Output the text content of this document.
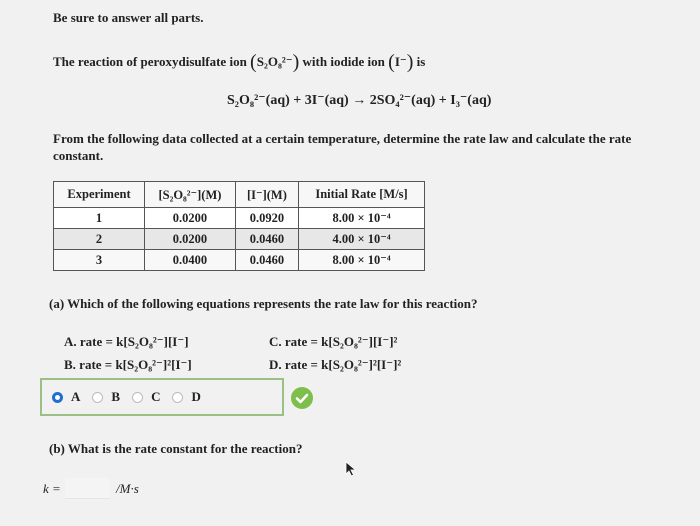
Be sure to answer all parts.
The reaction of peroxydisulfate ion (S₂O₈²⁻) with iodide ion (I⁻) is
S₂O₈²⁻(aq) + 3I⁻(aq) → 2SO₄²⁻(aq) + I₃⁻(aq)
From the following data collected at a certain temperature, determine the rate law and calculate the rate constant.
Experiment	[S₂O₈²⁻](M)	[I⁻](M)	Initial Rate [M/s]
1	0.0200	0.0920	8.00 × 10⁻⁴
2	0.0200	0.0460	4.00 × 10⁻⁴
3	0.0400	0.0460	8.00 × 10⁻⁴
(a) Which of the following equations represents the rate law for this reaction?
A. rate = k[S₂O₈²⁻][I⁻]
B. rate = k[S₂O₈²⁻]²[I⁻]
C. rate = k[S₂O₈²⁻][I⁻]²
D. rate = k[S₂O₈²⁻]²[I⁻]²
A B C D
(b) What is the rate constant for the reaction?
k =	/M·s
